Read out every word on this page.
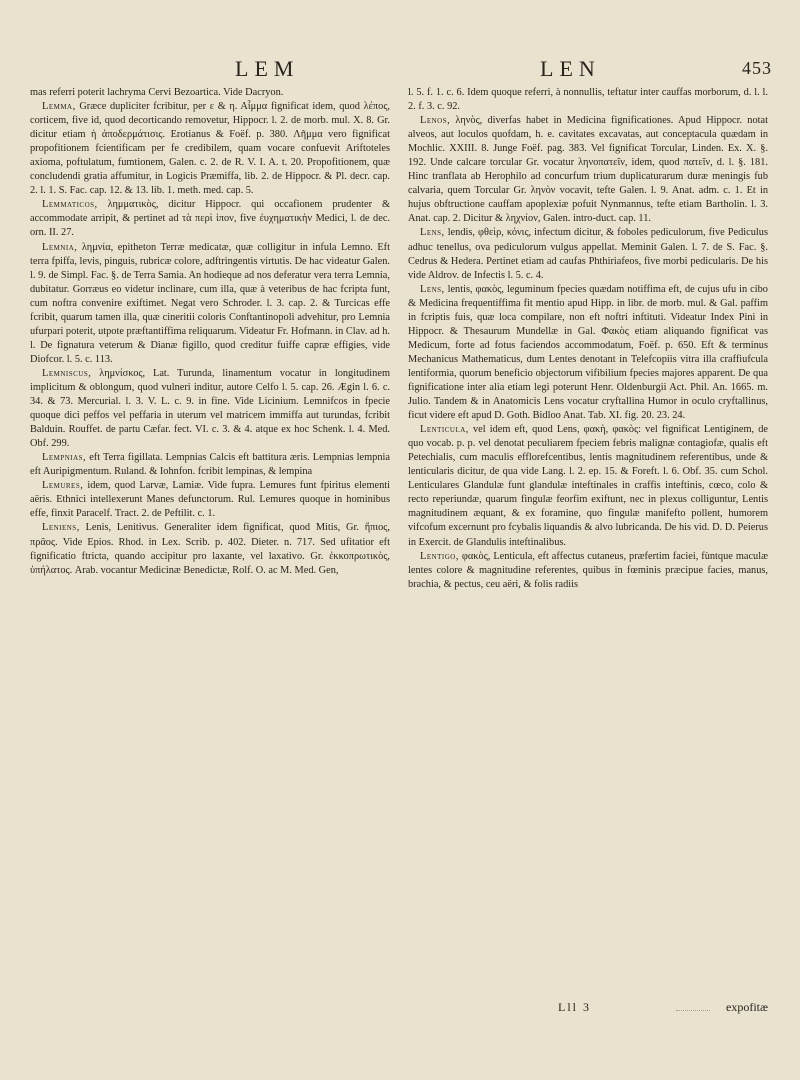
LEM	LEN	453

mas referri poterit lachryma Cervi Bezoartica. Vide Dacryon.

Lemma, Græce dupliciter fcribitur, per ε & η. Αἶμμα fignificat idem, quod λέπος, corticem, five id, quod decorticando removetur, Hippocr. l. 2. de morb. mul. X. 8. Gr. dicitur etiam ἡ ἀποδερμάτισις. Erotianus & Foëf. p. 380. Λῆμμα vero fignificat propofitionem fcientificam per fe credibilem, quam vocare confuevit Ariftoteles axioma, poftulatum, fumtionem, Galen. c. 2. de R. V. I. A. t. 20. Propofitionem, quæ concludendi gratia affumitur, in Logicis Præmiffa, lib. 2. de Hippocr. & Pl. decr. cap. 2. l. 1. S. Fac. cap. 12. & 13. lib. 1. meth. med. cap. 5.

Lemmaticos, λημματικὸς, dicitur Hippocr. qui occafionem prudenter & accommodate arripit, & pertinet ad τὰ περὶ ἱπον, five ἐυχηματικὴν Medici, l. de dec. orn. II. 27.

Lemnia, λημνία, epitheton Terræ medicatæ, quæ colligitur in infula Lemno. Eft terra fpiffa, levis, pinguis, rubricæ colore, adftringentis virtutis. De hac videatur Galen. l. 9. de Simpl. Fac. §. de Terra Samia. An hodieque ad nos deferatur vera terra Lemnia, dubitatur. Gorræus eo videtur inclinare, cum illa, quæ à veteribus de hac fcripta funt, cum noftra convenire exiftimet. Negat vero Schroder. l. 3. cap. 2. & Turcicas effe fcribit, quarum tamen illa, quæ cineritii coloris Conftantinopoli advehitur, pro Lemnia ufurpari poterit, utpote præftantiffima reliquarum. Videatur Fr. Hofmann. in Clav. ad h. l. De fignatura veterum & Dianæ figillo, quod creditur fuiffe capræ effigies, vide Diofcor. l. 5. c. 113.

Lemniscus, λημνίσκος, Lat. Turunda, linamentum vocatur in longitudinem implicitum & oblongum, quod vulneri inditur, autore Celfo l. 5. cap. 26. Ægin l. 6. c. 34. & 73. Mercurial. l. 3. V. L. c. 9. in fine. Vide Licinium. Lemnifcos in fpecie quoque dici peffos vel peffaria in uterum vel matricem immiffa aut turundas, fcribit Balduin. Rouffet. de partu Cæfar. fect. VI. c. 3. & 4. atque ex hoc Schenk. l. 4. Med. Obf. 299.

Lempnias, eft Terra figillata. Lempnias Calcis eft battitura æris. Lempnias lempnia eft Auripigmentum. Ruland. & Iohnfon. fcribit lempinas, & lempina

Lemures, idem, quod Larvæ, Lamiæ. Vide fupra. Lemures funt fpiritus elementi aëris. Ethnici intellexerunt Manes defunctorum. Rul. Lemures quoque in hominibus effe, finxit Paracelf. Tract. 2. de Peftilit. c. 1.

Leniens, Lenis, Lenitivus. Generaliter idem fignificat, quod Mitis, Gr. ἥπιος, πρᾶος. Vide Epios. Rhod. in Lex. Scrib. p. 402. Dieter. n. 717. Sed ufitatior eft fignificatio ftricta, quando accipitur pro laxante, vel laxativo. Gr. ἐκκοπρωτικὸς, ὑπήλατος. Arab. vocantur Medicinæ Benedictæ, Rolf. O. ac M. Med. Gen,

l. 5. f. 1. c. 6. Idem quoque referri, à nonnullis, teftatur inter cauffas morborum, d. l. l. 2. f. 3. c. 92.

Lenos, ληνὸς, diverfas habet in Medicina fignificationes. Apud Hippocr. notat alveos, aut loculos quofdam, h. e. cavitates excavatas, aut conceptacula quædam in Mochlic. XXIII. 8. Junge Foëf. pag. 383. Vel fignificat Torcular, Linden. Ex. X. §. 192. Unde calcare torcular Gr. vocatur ληνοπατεῖν, idem, quod πατεῖν, d. l. §. 181. Hinc tranflata ab Herophilo ad concurfum trium duplicaturarum duræ meningis fub calvaria, quem Torcular Gr. ληνὸν vocavit, tefte Galen. l. 9. Anat. adm. c. 1. Et in hujus obftructione cauffam apoplexiæ pofuit Nynmannus, tefte etiam Bartholin. l. 3. Anat. cap. 2. Dicitur & ληχνίον, Galen. intro-duct. cap. 11.

Lens, lendis, φθεὶρ, κόνις, infectum dicitur, & foboles pediculorum, five Pediculus adhuc tenellus, ova pediculorum vulgus appellat. Meminit Galen. l. 7. de S. Fac. §. Cedrus & Hedera. Pertinet etiam ad caufas Phthiriafeos, five morbi pedicularis. De his vide Aldrov. de Infectis l. 5. c. 4.

Lens, lentis, φακὸς, leguminum fpecies quædam notiffima eft, de cujus ufu in cibo & Medicina frequentiffima fit mentio apud Hipp. in libr. de morb. mul. & Gal. paffim in fcriptis fuis, quæ loca compilare, non eft noftri inftituti. Videatur Index Pini in Hippocr. & Thesaurum Mundellæ in Gal. Φακὸς etiam aliquando fignificat vas Medicum, forte ad fotus faciendos accommodatum, Foëf. p. 650. Eft & terminus Mechanicus Mathematicus, dum Lentes denotant in Telefcopiis vitra illa craffiufcula lentiformia, quorum beneficio objectorum vifibilium fpecies majores apparent. De qua fignificatione inter alia etiam legi poterunt Henr. Oldenburgii Act. Phil. An. 1665. m. Julio. Tandem & in Anatomicis Lens vocatur cryftallina Humor in oculo cryftallinus, ficut videre eft apud D. Goth. Bidloo Anat. Tab. XI. fig. 20. 23. 24.

Lenticula, vel idem eft, quod Lens, φακὴ, φακὸς: vel fignificat Lentiginem, de quo vocab. p. p. vel denotat peculiarem fpeciem febris malignæ contagiofæ, qualis eft Petechialis, cum maculis efflorefcentibus, lentis magnitudinem referentibus, unde & lenticularis dicitur, de qua vide Lang. l. 2. ep. 15. & Foreft. l. 6. Obf. 35. cum Schol. Lenticulares Glandulæ funt glandulæ inteftinales in craffis inteftinis, cœco, colo & recto reperiundæ, quarum fingulæ feorfim exiftunt, nec in plexus colliguntur, Lentis magnitudinem æquant, & ex foramine, quo fingulæ manifefto pollent, humorem vifcofum excernunt pro fcybalis liquandis & alvo lubricanda. De his vid. D. D. Peierus in Exercit. de Glandulis inteftinalibus.

Lentigo, φακὸς, Lenticula, eft affectus cutaneus, præfertim faciei, fùntque maculæ lentes colore & magnitudine referentes, quibus in fœminis præcipue facies, manus, brachia, & pectus, ceu aëri, & folis radiis

Lll 3	expofitæ
